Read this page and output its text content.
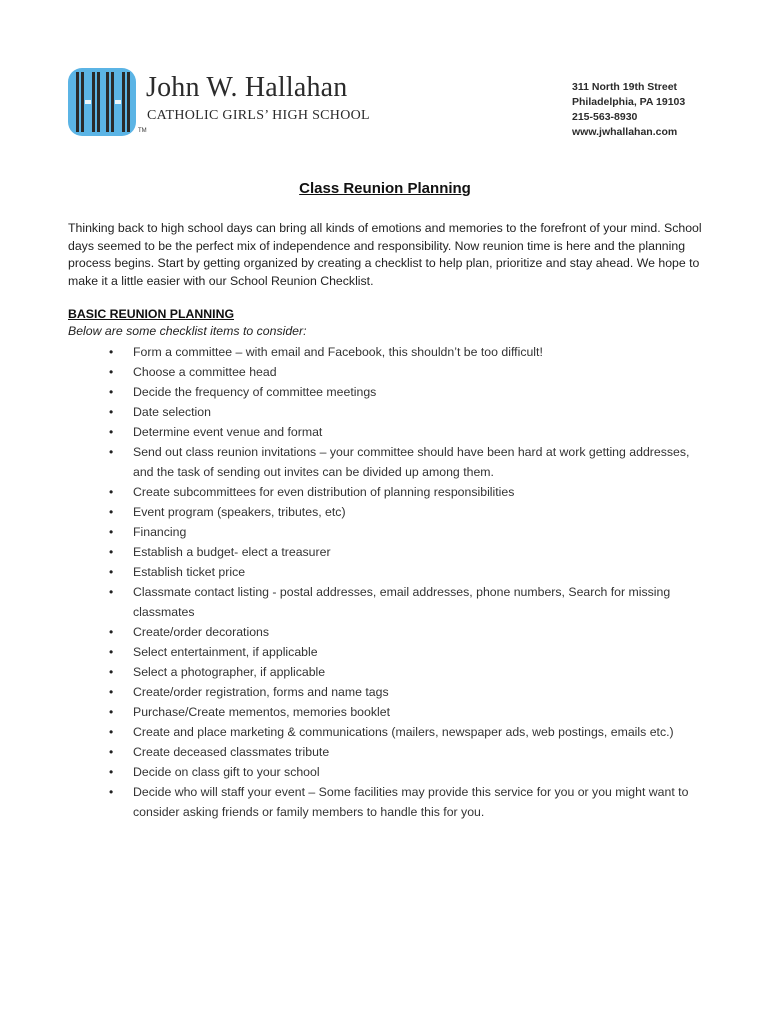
TM
John W. Hallahan
CATHOLIC GIRLS’ HIGH SCHOOL
311 North 19th Street
Philadelphia, PA 19103
215-563-8930
www.jwhallahan.com
Class Reunion Planning
Thinking back to high school days can bring all kinds of emotions and memories to the forefront of your mind. School days seemed to be the perfect mix of independence and responsibility. Now reunion time is here and the planning process begins. Start by getting organized by creating a checklist to help plan, prioritize and stay ahead. We hope to make it a little easier with our School Reunion Checklist.
BASIC REUNION PLANNING
Below are some checklist items to consider:
• Form a committee – with email and Facebook, this shouldn’t be too difficult!
• Choose a committee head
• Decide the frequency of committee meetings
• Date selection
• Determine event venue and format
• Send out class reunion invitations – your committee should have been hard at work getting addresses, and the task of sending out invites can be divided up among them.
• Create subcommittees for even distribution of planning responsibilities
• Event program (speakers, tributes, etc)
• Financing
• Establish a budget- elect a treasurer
• Establish ticket price
• Classmate contact listing - postal addresses, email addresses, phone numbers, Search for missing classmates
• Create/order decorations
• Select entertainment, if applicable
• Select a photographer, if applicable
• Create/order registration, forms and name tags
• Purchase/Create mementos, memories booklet
• Create and place marketing & communications (mailers, newspaper ads, web postings, emails etc.)
• Create deceased classmates tribute
• Decide on class gift to your school
• Decide who will staff your event – Some facilities may provide this service for you or you might want to consider asking friends or family members to handle this for you.
